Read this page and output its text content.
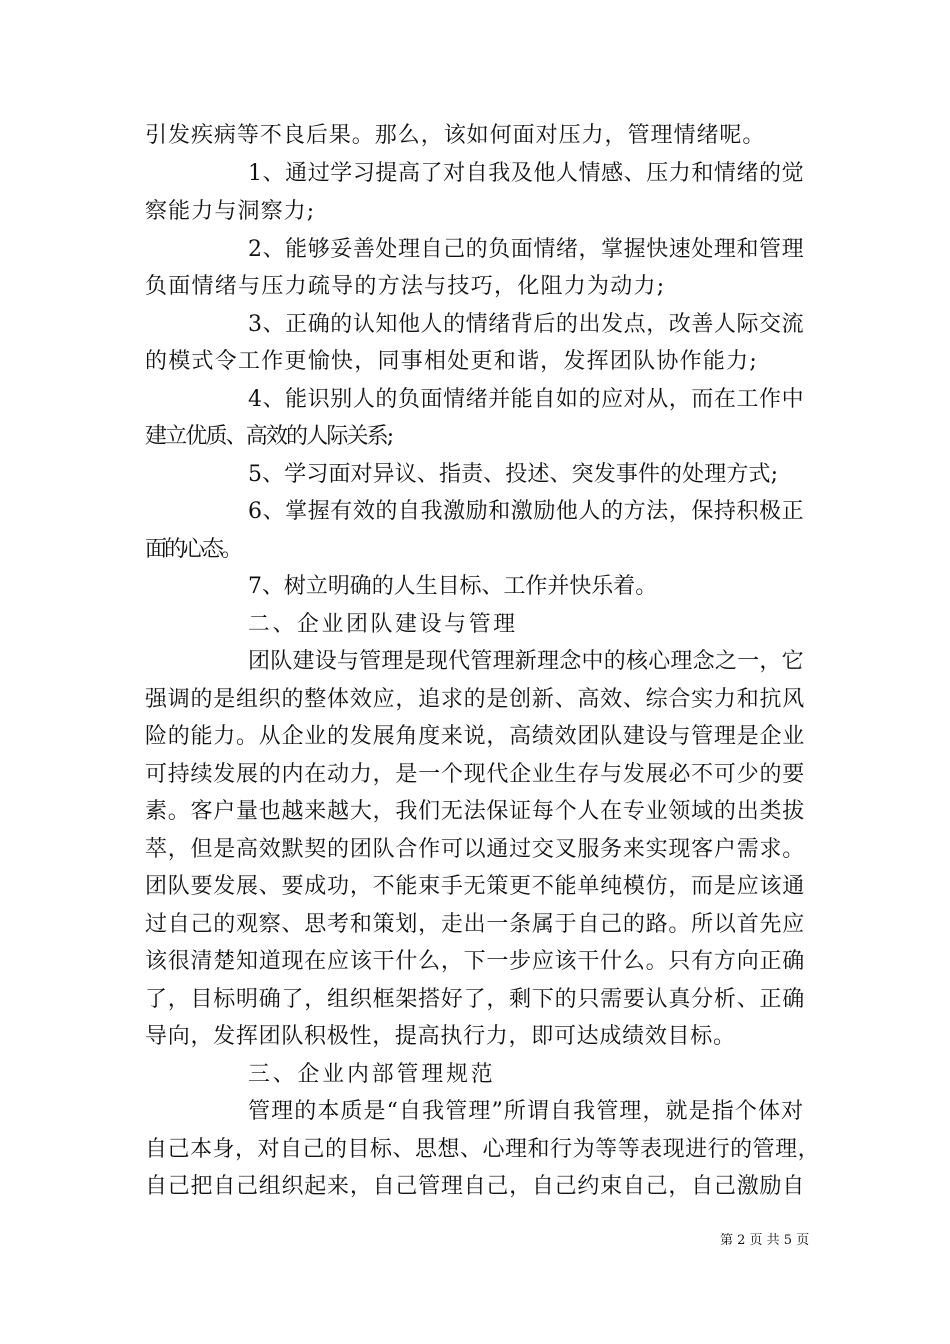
引发疾病等不良后果。那么，该如何面对压力，管理情绪呢。
1、通过学习提高了对自我及他人情感、压力和情绪的觉
察能力与洞察力;
2、能够妥善处理自己的负面情绪，掌握快速处理和管理
负面情绪与压力疏导的方法与技巧，化阻力为动力;
3、正确的认知他人的情绪背后的出发点，改善人际交流
的模式令工作更愉快，同事相处更和谐，发挥团队协作能力;
4、能识别人的负面情绪并能自如的应对从，而在工作中
建立优质、高效的人际关系;
5、学习面对异议、指责、投述、突发事件的处理方式;
6、掌握有效的自我激励和激励他人的方法，保持积极正
面的心态。
7、树立明确的人生目标、工作并快乐着。
二、企业团队建设与管理
团队建设与管理是现代管理新理念中的核心理念之一，它
强调的是组织的整体效应，追求的是创新、高效、综合实力和抗风
险的能力。从企业的发展角度来说，高绩效团队建设与管理是企业
可持续发展的内在动力，是一个现代企业生存与发展必不可少的要
素。客户量也越来越大，我们无法保证每个人在专业领域的出类拔
萃，但是高效默契的团队合作可以通过交叉服务来实现客户需求。
团队要发展、要成功，不能束手无策更不能单纯模仿，而是应该通
过自己的观察、思考和策划，走出一条属于自己的路。所以首先应
该很清楚知道现在应该干什么，下一步应该干什么。只有方向正确
了，目标明确了，组织框架搭好了，剩下的只需要认真分析、正确
导向，发挥团队积极性，提高执行力，即可达成绩效目标。
三、企业内部管理规范
管理的本质是“自我管理”所谓自我管理，就是指个体对
自己本身，对自己的目标、思想、心理和行为等等表现进行的管理，
自己把自己组织起来，自己管理自己，自己约束自己，自己激励自
第 2 页 共 5 页
